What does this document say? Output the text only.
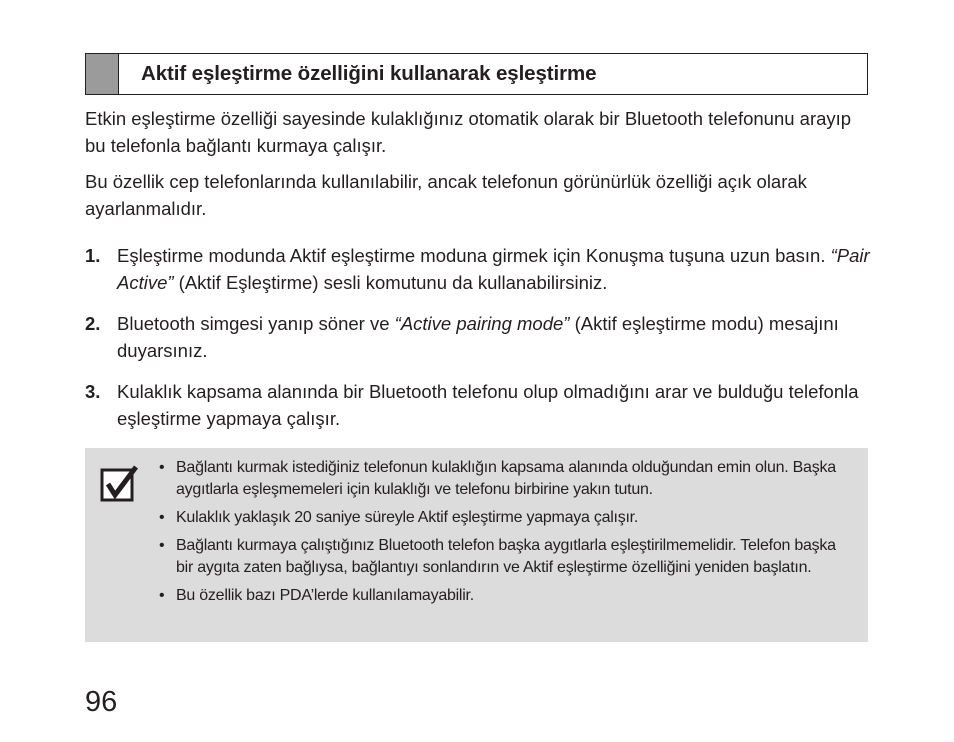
Aktif eşleştirme özelliğini kullanarak eşleştirme

Etkin eşleştirme özelliği sayesinde kulaklığınız otomatik olarak bir Bluetooth telefonunu arayıp bu telefonla bağlantı kurmaya çalışır.

Bu özellik cep telefonlarında kullanılabilir, ancak telefonun görünürlük özelliği açık olarak ayarlanmalıdır.

1. Eşleştirme modunda Aktif eşleştirme moduna girmek için Konuşma tuşuna uzun basın. “Pair Active” (Aktif Eşleştirme) sesli komutunu da kullanabilirsiniz.
2. Bluetooth simgesi yanıp söner ve “Active pairing mode” (Aktif eşleştirme modu) mesajını duyarsınız.
3. Kulaklık kapsama alanında bir Bluetooth telefonu olup olmadığını arar ve bulduğu telefonla eşleştirme yapmaya çalışır.
• Bağlantı kurmak istediğiniz telefonun kulaklığın kapsama alanında olduğundan emin olun. Başka aygıtlarla eşleşmemeleri için kulaklığı ve telefonu birbirine yakın tutun.
• Kulaklık yaklaşık 20 saniye süreyle Aktif eşleştirme yapmaya çalışır.
• Bağlantı kurmaya çalıştığınız Bluetooth telefon başka aygıtlarla eşleştirilmemelidir. Telefon başka bir aygıta zaten bağlıysa, bağlantıyı sonlandırın ve Aktif eşleştirme özelliğini yeniden başlatın.
• Bu özellik bazı PDA’lerde kullanılamayabilir.
96
